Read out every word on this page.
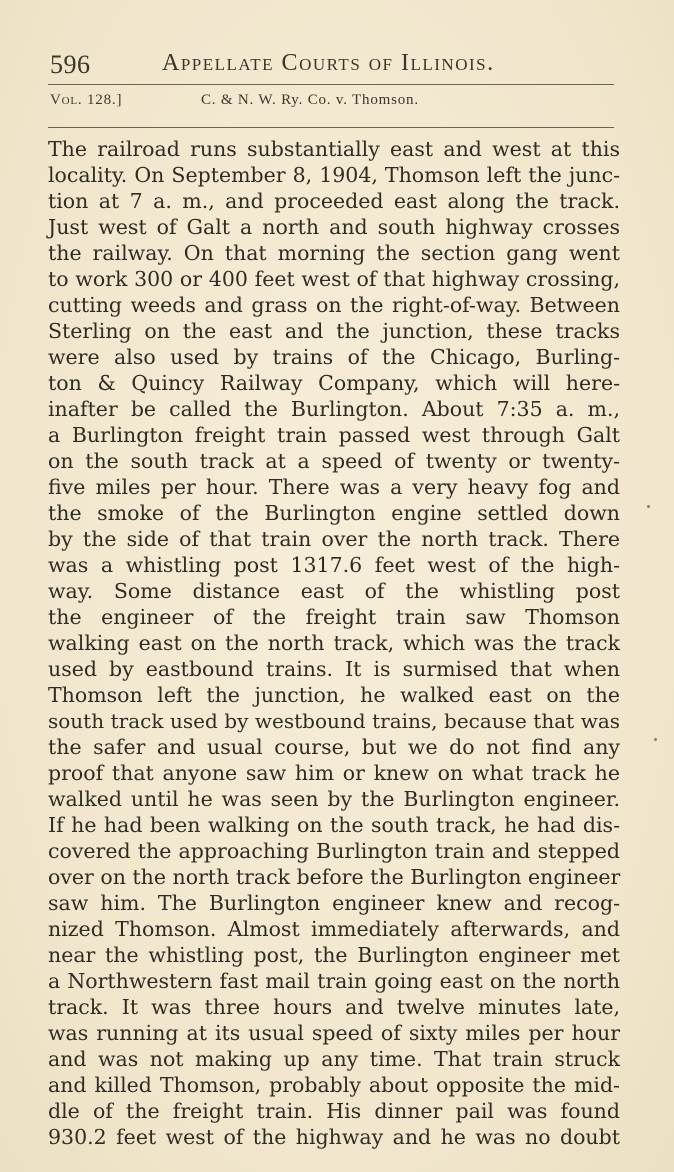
596	Appellate Courts of Illinois.
Vol. 128.]	C. & N. W. Ry. Co. v. Thomson.
The railroad runs substantially east and west at this
locality. On September 8, 1904, Thomson left the junc-
tion at 7 a. m., and proceeded east along the track.
Just west of Galt a north and south highway crosses
the railway. On that morning the section gang went
to work 300 or 400 feet west of that highway crossing,
cutting weeds and grass on the right-of-way. Between
Sterling on the east and the junction, these tracks
were also used by trains of the Chicago, Burling-
ton & Quincy Railway Company, which will here-
inafter be called the Burlington. About 7:35 a. m.,
a Burlington freight train passed west through Galt
on the south track at a speed of twenty or twenty-
five miles per hour. There was a very heavy fog and
the smoke of the Burlington engine settled down
by the side of that train over the north track. There
was a whistling post 1317.6 feet west of the high-
way. Some distance east of the whistling post
the engineer of the freight train saw Thomson
walking east on the north track, which was the track
used by eastbound trains. It is surmised that when
Thomson left the junction, he walked east on the
south track used by westbound trains, because that was
the safer and usual course, but we do not find any
proof that anyone saw him or knew on what track he
walked until he was seen by the Burlington engineer.
If he had been walking on the south track, he had dis-
covered the approaching Burlington train and stepped
over on the north track before the Burlington engineer
saw him. The Burlington engineer knew and recog-
nized Thomson. Almost immediately afterwards, and
near the whistling post, the Burlington engineer met
a Northwestern fast mail train going east on the north
track. It was three hours and twelve minutes late,
was running at its usual speed of sixty miles per hour
and was not making up any time. That train struck
and killed Thomson, probably about opposite the mid-
dle of the freight train. His dinner pail was found
930.2 feet west of the highway and he was no doubt
